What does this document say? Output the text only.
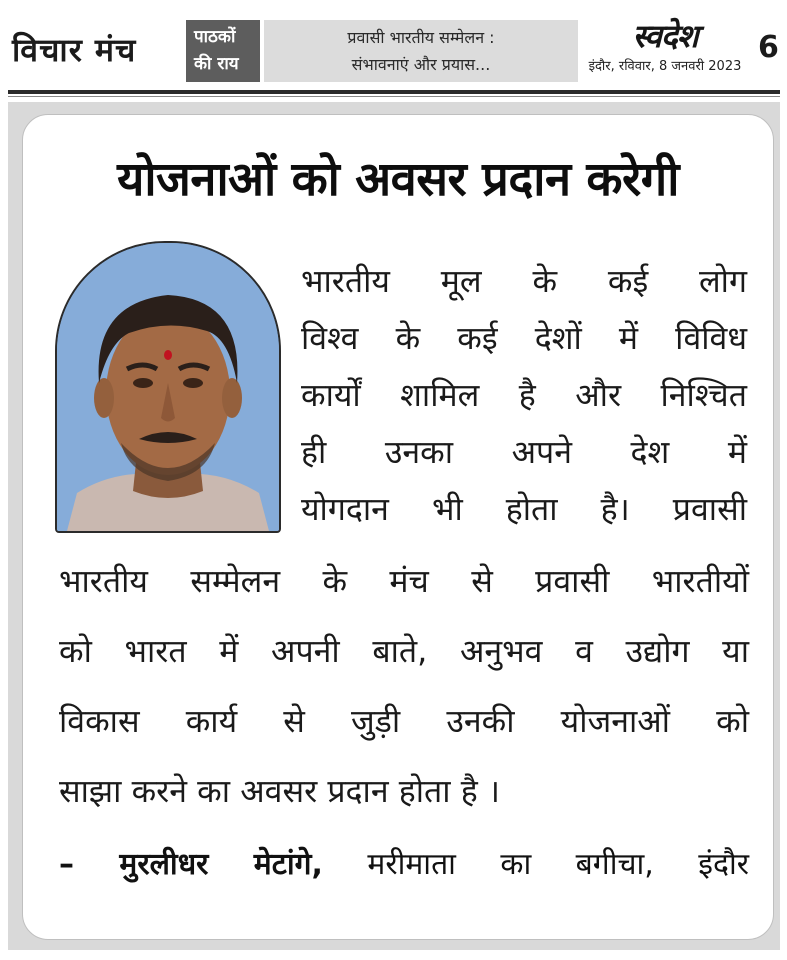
विचार मंच	पाठकों
की राय
प्रवासी भारतीय सम्मेलन :
संभावनाएं और प्रयास...
स्वदेश
इंदौर, रविवार, 8 जनवरी 2023
6
योजनाओं को अवसर प्रदान करेगी
भारतीय मूल के कई लोग
विश्व के कई देशों में विविध
कार्यों शामिल है और निश्चित
ही उनका अपने देश में
योगदान भी होता है। प्रवासी
भारतीय सम्मेलन के मंच से प्रवासी भारतीयों
को भारत में अपनी बाते, अनुभव व उद्योग या
विकास कार्य से जुड़ी उनकी योजनाओं को
साझा करने का अवसर प्रदान होता है ।
– मुरलीधर मेटांगे, मरीमाता का बगीचा, इंदौर
